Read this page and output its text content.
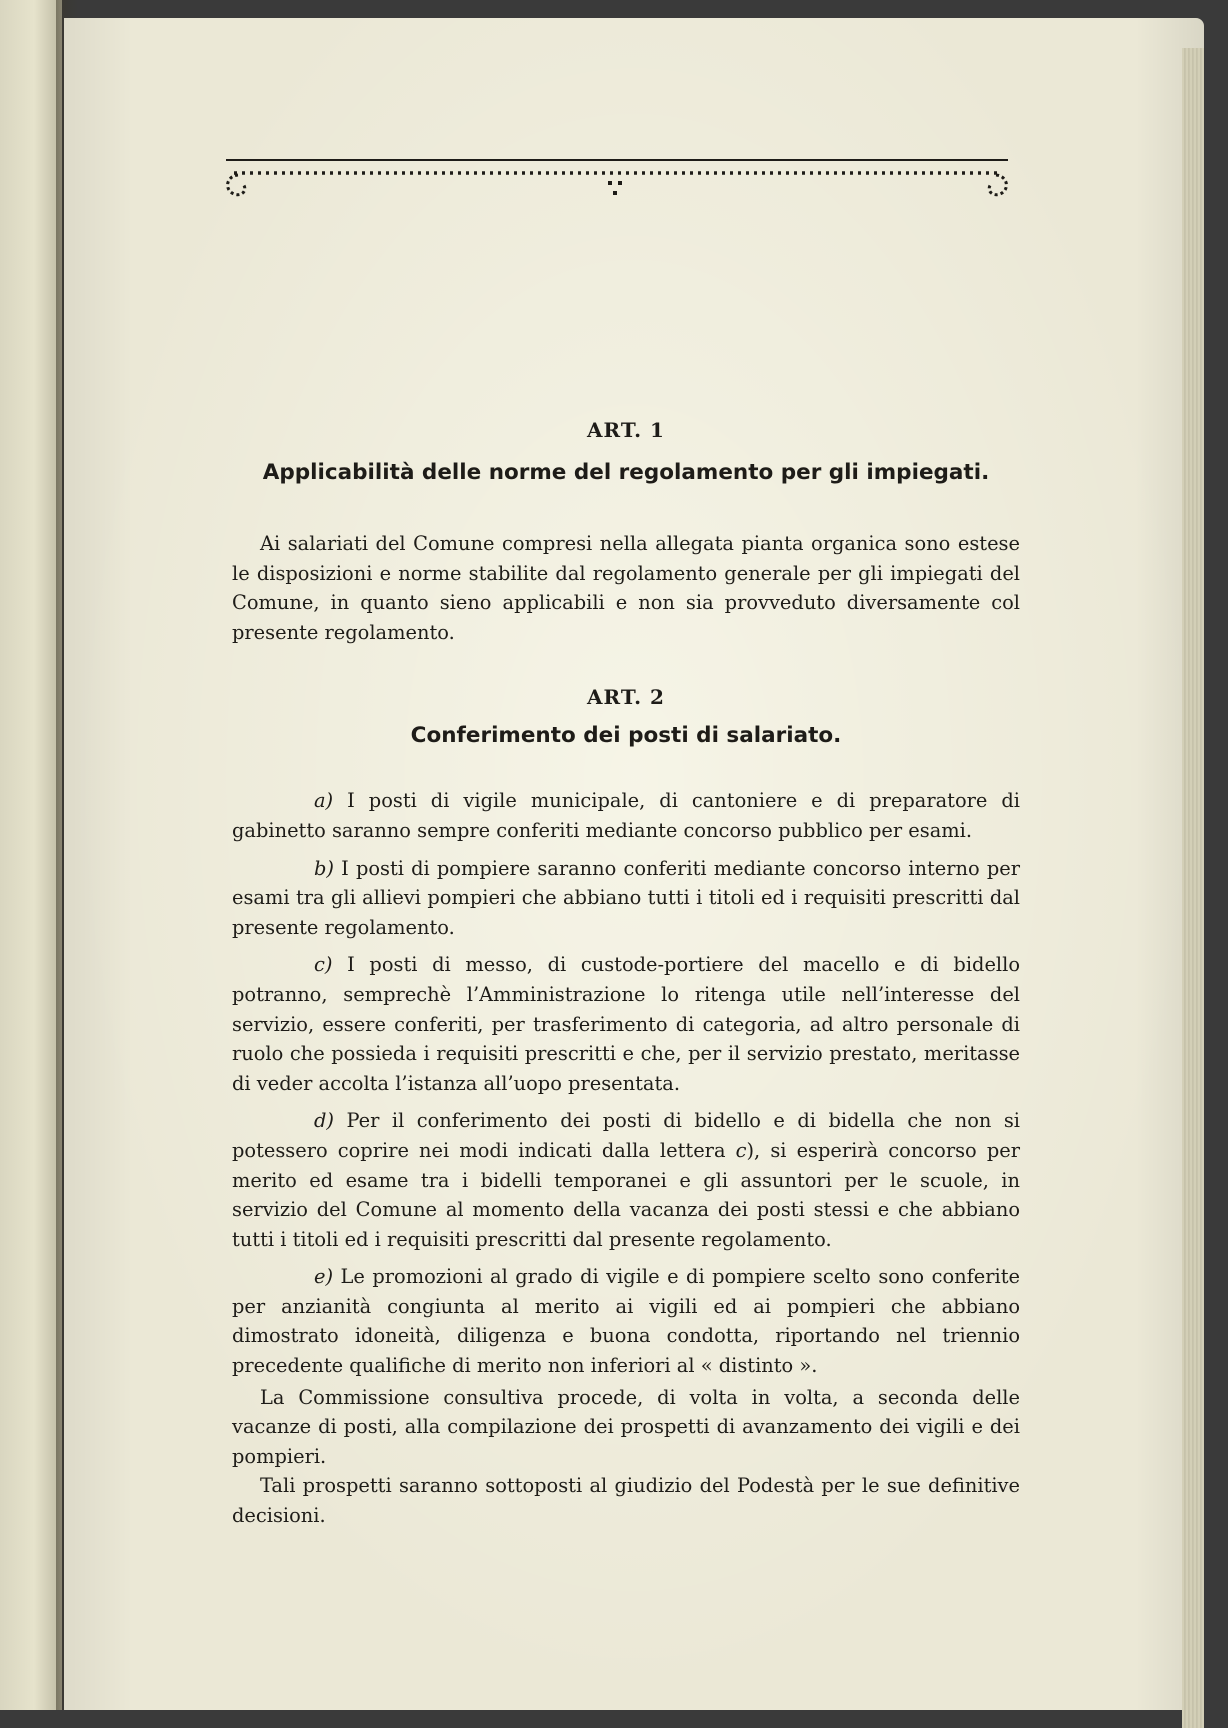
ART. 1
Applicabilità delle norme del regolamento per gli impiegati.

Ai salariati del Comune compresi nella allegata pianta organica sono estese le disposizioni e norme stabilite dal regolamento generale per gli impiegati del Comune, in quanto sieno applicabili e non sia provveduto diversamente col presente regolamento.

ART. 2
Conferimento dei posti di salariato.

a) I posti di vigile municipale, di cantoniere e di preparatore di gabinetto saranno sempre conferiti mediante concorso pubblico per esami.

b) I posti di pompiere saranno conferiti mediante concorso interno per esami tra gli allievi pompieri che abbiano tutti i titoli ed i requisiti prescritti dal presente regolamento.

c) I posti di messo, di custode-portiere del macello e di bidello potranno, semprechè l’Amministrazione lo ritenga utile nell’interesse del servizio, essere conferiti, per trasferimento di categoria, ad altro personale di ruolo che possieda i requisiti prescritti e che, per il servizio prestato, meritasse di veder accolta l’istanza all’uopo presentata.

d) Per il conferimento dei posti di bidello e di bidella che non si potessero coprire nei modi indicati dalla lettera c), si esperirà concorso per merito ed esame tra i bidelli temporanei e gli assuntori per le scuole, in servizio del Comune al momento della vacanza dei posti stessi e che abbiano tutti i titoli ed i requisiti prescritti dal presente regolamento.

e) Le promozioni al grado di vigile e di pompiere scelto sono conferite per anzianità congiunta al merito ai vigili ed ai pompieri che abbiano dimostrato idoneità, diligenza e buona condotta, riportando nel triennio precedente qualifiche di merito non inferiori al « distinto ».

La Commissione consultiva procede, di volta in volta, a seconda delle vacanze di posti, alla compilazione dei prospetti di avanzamento dei vigili e dei pompieri.

Tali prospetti saranno sottoposti al giudizio del Podestà per le sue definitive decisioni.
